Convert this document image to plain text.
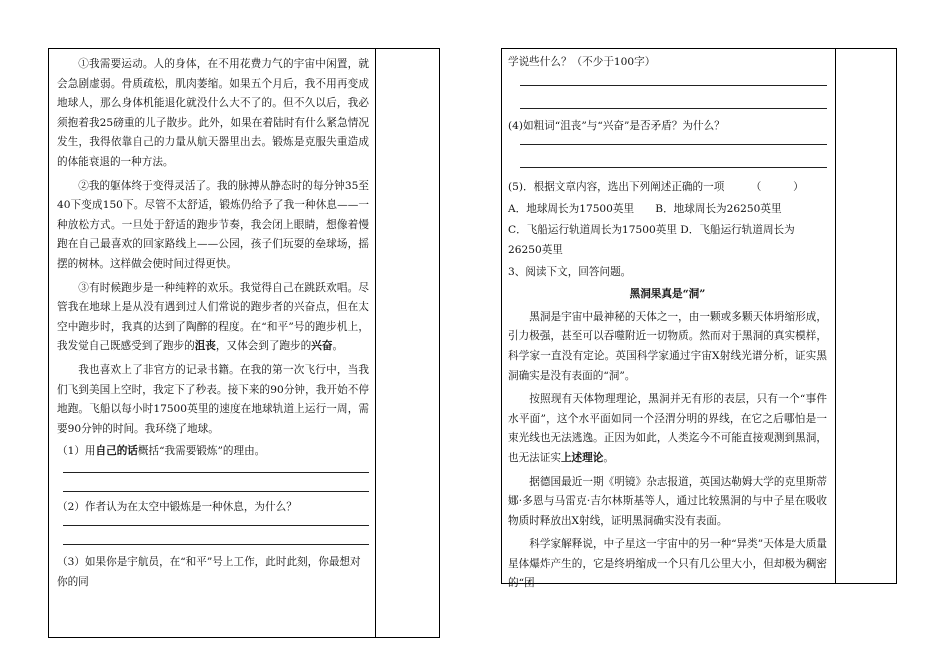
①我需要运动。人的身体，在不用花费力气的宇宙中闲置，就会急剧虚弱。骨质疏松，肌肉萎缩。如果五个月后，我不用再变成地球人，那么身体机能退化就没什么大不了的。但不久以后，我必须抱着我25磅重的儿子散步。此外，如果在着陆时有什么紧急情况发生，我得依靠自己的力量从航天器里出去。锻炼是克服失重造成的体能衰退的一种方法。

②我的躯体终于变得灵活了。我的脉搏从静态时的每分钟35至40下变成150下。尽管不太舒适，锻炼仍给予了我一种休息——一种放松方式。一旦处于舒适的跑步节奏，我会闭上眼睛，想像着慢跑在自己最喜欢的回家路线上——公园，孩子们玩耍的垒球场，摇摆的树林。这样做会使时间过得更快。

③有时候跑步是一种纯粹的欢乐。我觉得自己在跳跃欢唱。尽管我在地球上是从没有遇到过人们常说的跑步者的兴奋点，但在太空中跑步时，我真的达到了陶醉的程度。在“和平”号的跑步机上，我发觉自己既感受到了跑步的沮丧，又体会到了跑步的兴奋。

我也喜欢上了非官方的记录书籍。在我的第一次飞行中，当我们飞到美国上空时，我定下了秒表。接下来的90分钟，我开始不停地跑。飞船以每小时17500英里的速度在地球轨道上运行一周，需要90分钟的时间。我环绕了地球。

（1）用自己的话概括“我需要锻炼”的理由。

（2）作者认为在太空中锻炼是一种休息，为什么？

（3）如果你是宇航员，在“和平”号上工作，此时此刻，你最想对你的同

学说些什么？（不少于100字）

(4)如粗词“沮丧”与“兴奋”是否矛盾？为什么？

(5)．根据文章内容，选出下列阐述正确的一项　　　（　　　）

A．地球周长为17500英里　　 B．地球周长为26250英里

C．飞船运行轨道周长为17500英里 D．飞船运行轨道周长为26250英里

3、阅读下文，回答问题。

黑洞果真是“洞”

黑洞是宇宙中最神秘的天体之一，由一颗或多颗天体坍缩形成，引力极强，甚至可以吞噬附近一切物质。然而对于黑洞的真实模样，科学家一直没有定论。英国科学家通过宇宙X射线光谱分析，证实黑洞确实是没有表面的“洞”。

按照现有天体物理理论，黑洞并无有形的表层，只有一个“事件水平面”，这个水平面如同一个泾渭分明的界线，在它之后哪怕是一束光线也无法逃逸。正因为如此，人类迄今不可能直接观测到黑洞，也无法证实上述理论。

据德国最近一期《明镜》杂志报道，英国达勒姆大学的克里斯蒂娜·多恩与马雷克·吉尔林斯基等人，通过比较黑洞的与中子星在吸收物质时释放出X射线，证明黑洞确实没有表面。

科学家解释说，中子星这一宇宙中的另一种“异类”天体是大质量星体爆炸产生的，它是终坍缩成一个只有几公里大小，但却极为稠密的“团
